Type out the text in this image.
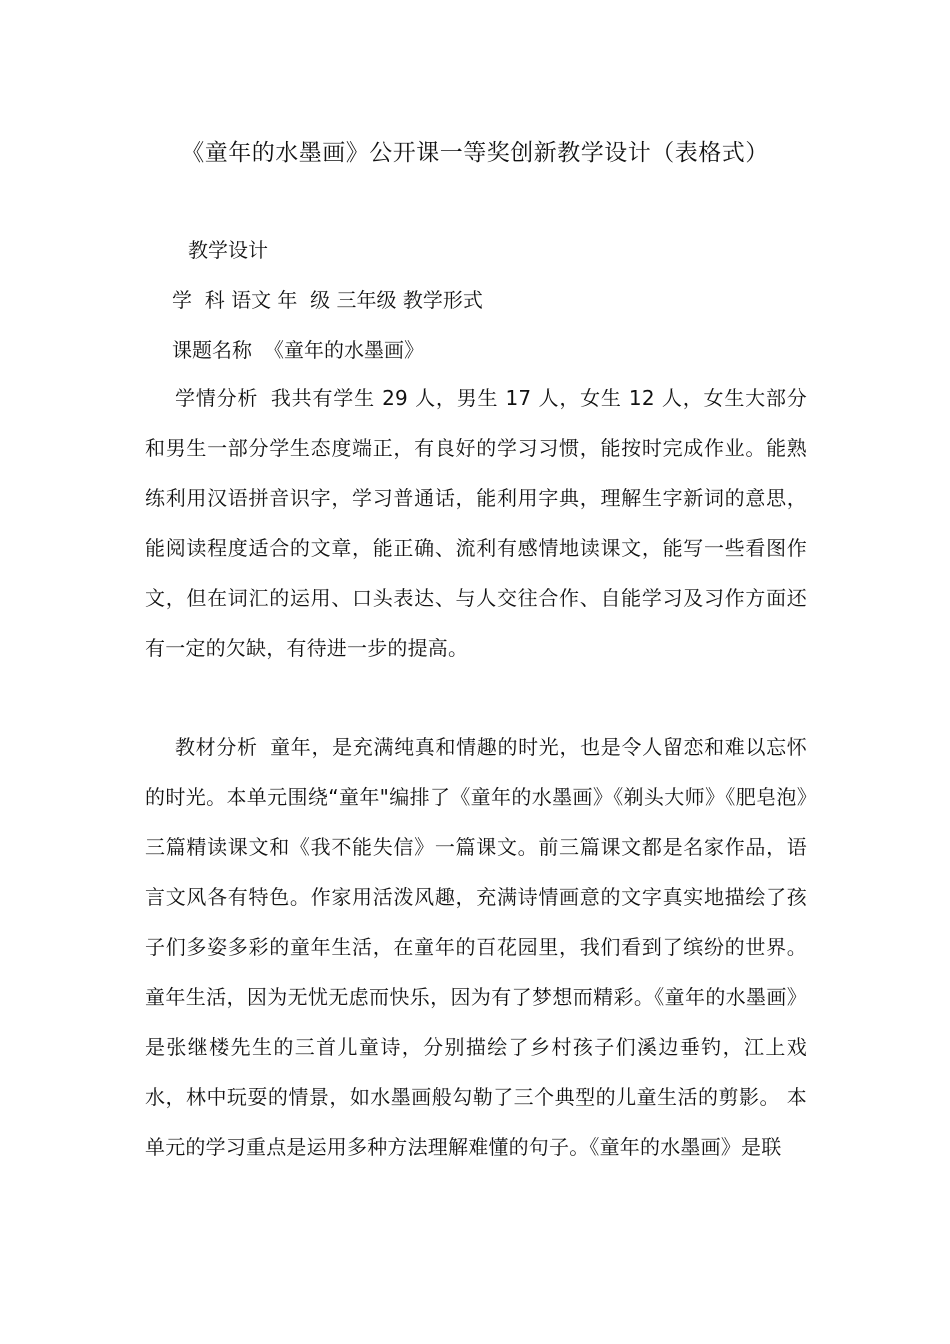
《童年的水墨画》公开课一等奖创新教学设计（表格式）
教学设计
学  科 语文 年  级 三年级 教学形式
课题名称 《童年的水墨画》
学情分析 我共有学生 29 人，男生 17 人，女生 12 人，女生大部分和男生一部分学生态度端正，有良好的学习习惯，能按时完成作业。能熟练利用汉语拼音识字，学习普通话，能利用字典，理解生字新词的意思，能阅读程度适合的文章，能正确、流利有感情地读课文，能写一些看图作文，但在词汇的运用、口头表达、与人交往合作、自能学习及习作方面还有一定的欠缺，有待进一步的提高。
教材分析 童年，是充满纯真和情趣的时光，也是令人留恋和难以忘怀的时光。本单元围绕“童年"编排了《童年的水墨画》《剃头大师》《肥皂泡》三篇精读课文和《我不能失信》一篇课文。前三篇课文都是名家作品，语言文风各有特色。作家用活泼风趣，充满诗情画意的文字真实地描绘了孩子们多姿多彩的童年生活，在童年的百花园里，我们看到了缤纷的世界。童年生活，因为无忧无虑而快乐，因为有了梦想而精彩。《童年的水墨画》是张继楼先生的三首儿童诗，分别描绘了乡村孩子们溪边垂钓，江上戏水，林中玩耍的情景，如水墨画般勾勒了三个典型的儿童生活的剪影。 本单元的学习重点是运用多种方法理解难懂的句子。《童年的水墨画》是联
